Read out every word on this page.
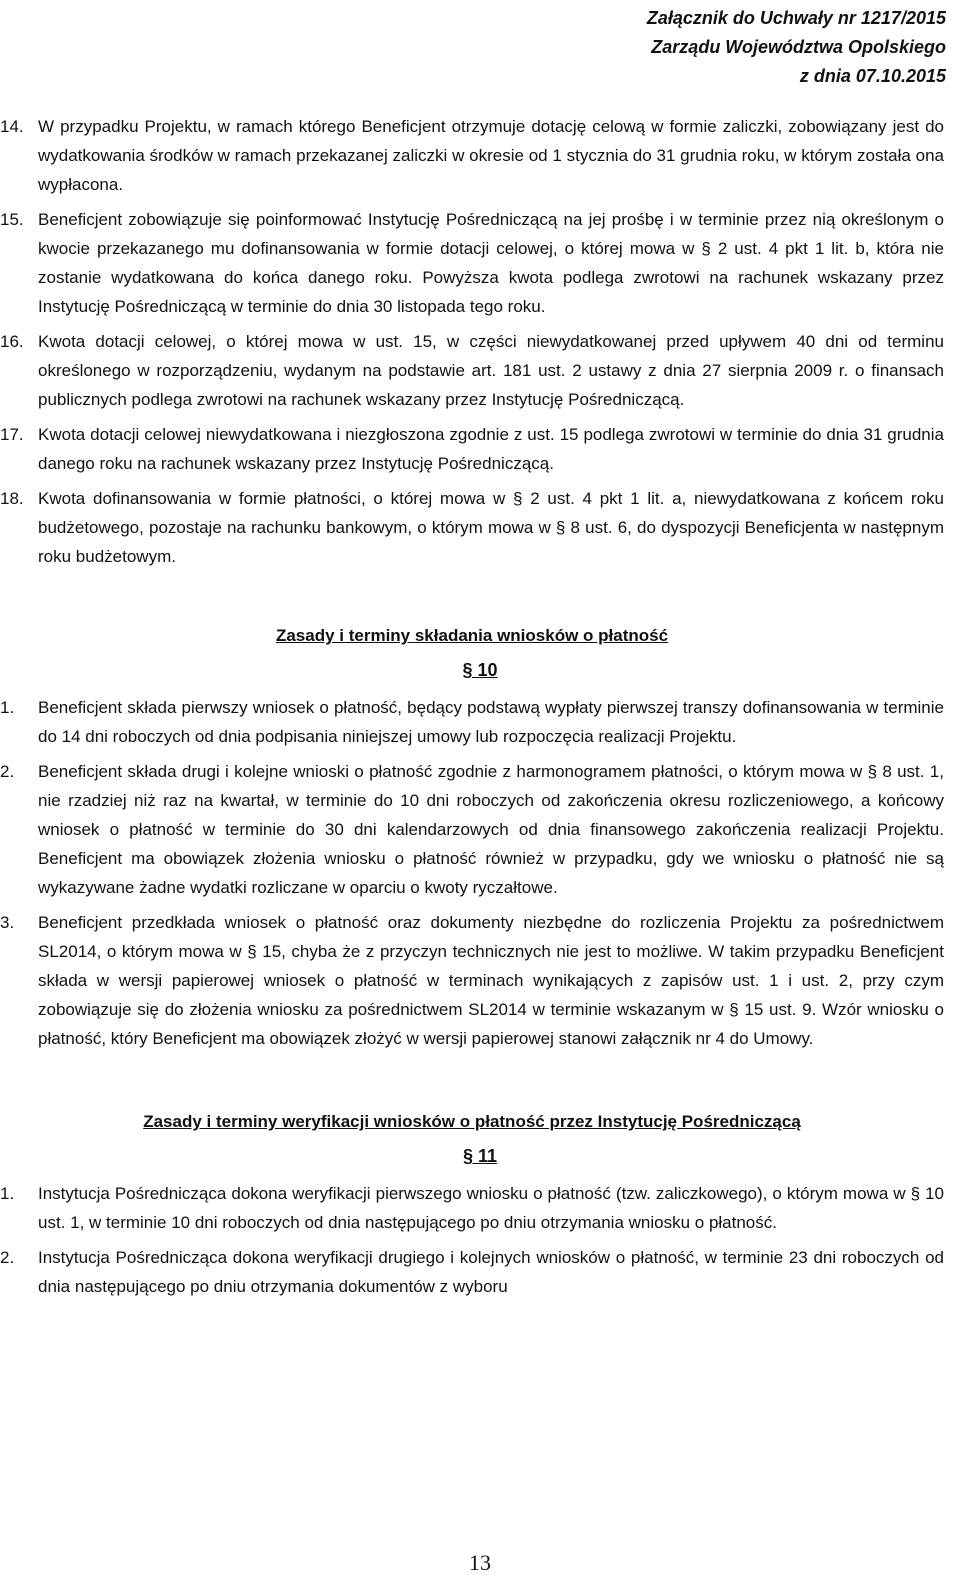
Załącznik do Uchwały nr 1217/2015
Zarządu Województwa Opolskiego
z dnia 07.10.2015
14. W przypadku Projektu, w ramach którego Beneficjent otrzymuje dotację celową w formie zaliczki, zobowiązany jest do wydatkowania środków w ramach przekazanej zaliczki w okresie od 1 stycznia do 31 grudnia roku, w którym została ona wypłacona.
15. Beneficjent zobowiązuje się poinformować Instytucję Pośredniczącą na jej prośbę i w terminie przez nią określonym o kwocie przekazanego mu dofinansowania w formie dotacji celowej, o której mowa w § 2 ust. 4 pkt 1 lit. b, która nie zostanie wydatkowana do końca danego roku. Powyższa kwota podlega zwrotowi na rachunek wskazany przez Instytucję Pośredniczącą w terminie do dnia 30 listopada tego roku.
16. Kwota dotacji celowej, o której mowa w ust. 15, w części niewydatkowanej przed upływem 40 dni od terminu określonego w rozporządzeniu, wydanym na podstawie art. 181 ust. 2 ustawy z dnia 27 sierpnia 2009 r. o finansach publicznych podlega zwrotowi na rachunek wskazany przez Instytucję Pośredniczącą.
17. Kwota dotacji celowej niewydatkowana i niezgłoszona zgodnie z ust. 15 podlega zwrotowi w terminie do dnia 31 grudnia danego roku na rachunek wskazany przez Instytucję Pośredniczącą.
18. Kwota dofinansowania w formie płatności, o której mowa w § 2 ust. 4 pkt 1 lit. a, niewydatkowana z końcem roku budżetowego, pozostaje na rachunku bankowym, o którym mowa w § 8 ust. 6, do dyspozycji Beneficjenta w następnym roku budżetowym.
Zasady i terminy składania wniosków o płatność
§ 10
1. Beneficjent składa pierwszy wniosek o płatność, będący podstawą wypłaty pierwszej transzy dofinansowania w terminie do 14 dni roboczych od dnia podpisania niniejszej umowy lub rozpoczęcia realizacji Projektu.
2. Beneficjent składa drugi i kolejne wnioski o płatność zgodnie z harmonogramem płatności, o którym mowa w § 8 ust. 1, nie rzadziej niż raz na kwartał, w terminie do 10 dni roboczych od zakończenia okresu rozliczeniowego, a końcowy wniosek o płatność w terminie do 30 dni kalendarzowych od dnia finansowego zakończenia realizacji Projektu. Beneficjent ma obowiązek złożenia wniosku o płatność również w przypadku, gdy we wniosku o płatność nie są wykazywane żadne wydatki rozliczane w oparciu o kwoty ryczałtowe.
3. Beneficjent przedkłada wniosek o płatność oraz dokumenty niezbędne do rozliczenia Projektu za pośrednictwem SL2014, o którym mowa w § 15, chyba że z przyczyn technicznych nie jest to możliwe. W takim przypadku Beneficjent składa w wersji papierowej wniosek o płatność w terminach wynikających z zapisów ust. 1 i ust. 2, przy czym zobowiązuje się do złożenia wniosku za pośrednictwem SL2014 w terminie wskazanym w § 15 ust. 9. Wzór wniosku o płatność, który Beneficjent ma obowiązek złożyć w wersji papierowej stanowi załącznik nr 4 do Umowy.
Zasady i terminy weryfikacji wniosków o płatność przez Instytucję Pośredniczącą
§ 11
1. Instytucja Pośrednicząca dokona weryfikacji pierwszego wniosku o płatność (tzw. zaliczkowego), o którym mowa w § 10 ust. 1, w terminie 10 dni roboczych od dnia następującego po dniu otrzymania wniosku o płatność.
2. Instytucja Pośrednicząca dokona weryfikacji drugiego i kolejnych wniosków o płatność, w terminie 23 dni roboczych od dnia następującego po dniu otrzymania dokumentów z wyboru
13
